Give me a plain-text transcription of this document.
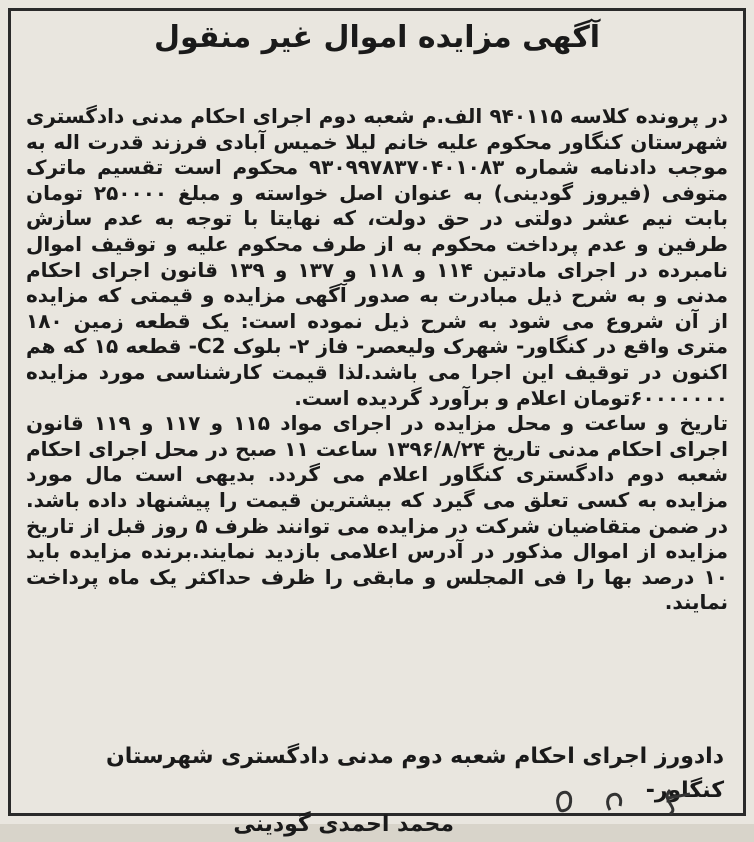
آگهی مزایده اموال غیر منقول

در پرونده کلاسه ۹۴۰۱۱۵ الف.م شعبه دوم اجرای احکام مدنی دادگستری شهرستان کنگاور محکوم علیه خانم لیلا خمیس آبادی فرزند قدرت اله به موجب دادنامه شماره ۹۳۰۹۹۷۸۳۷۰۴۰۱۰۸۳ محکوم است تقسیم ماترک متوفی (فیروز گودینی) به عنوان اصل خواسته و مبلغ ۲۵۰۰۰۰ تومان بابت نیم عشر دولتی در حق دولت، که نهایتا با توجه به عدم سازش طرفین و عدم پرداخت محکوم به از طرف محکوم علیه و توقیف اموال نامبرده در اجرای مادتین ۱۱۴ و ۱۱۸ و ۱۳۷ و ۱۳۹ قانون اجرای احکام مدنی و به شرح ذیل مبادرت به صدور آگهی مزایده و قیمتی که مزایده از آن شروع می شود به شرح ذیل نموده است: یک قطعه زمین ۱۸۰ متری واقع در کنگاور- شهرک ولیعصر- فاز ۲- بلوک C2- قطعه ۱۵ که هم اکنون در توقیف این اجرا می باشد.لذا قیمت کارشناسی مورد مزایده ۶۰۰۰۰۰۰۰تومان اعلام و برآورد گردیده است.

تاریخ و ساعت و محل مزایده در اجرای مواد ۱۱۵ و ۱۱۷ و ۱۱۹ قانون اجرای احکام مدنی تاریخ ۱۳۹۶/۸/۲۴ ساعت ۱۱ صبح در محل اجرای احکام شعبه دوم دادگستری کنگاور اعلام می گردد. بدیهی است مال مورد مزایده به کسی تعلق می گیرد که بیشترین قیمت را پیشنهاد داده باشد. در ضمن متقاضیان شرکت در مزایده می توانند ظرف ۵ روز قبل از تاریخ مزایده از اموال مذکور در آدرس اعلامی بازدید نمایند.برنده مزایده باید ۱۰ درصد بها را فی المجلس و مابقی را ظرف حداکثر یک ماه پرداخت نمایند.

دادورز اجرای احکام شعبه دوم مدنی دادگستری شهرستان کنگاور-
محمد احمدی گودینی
